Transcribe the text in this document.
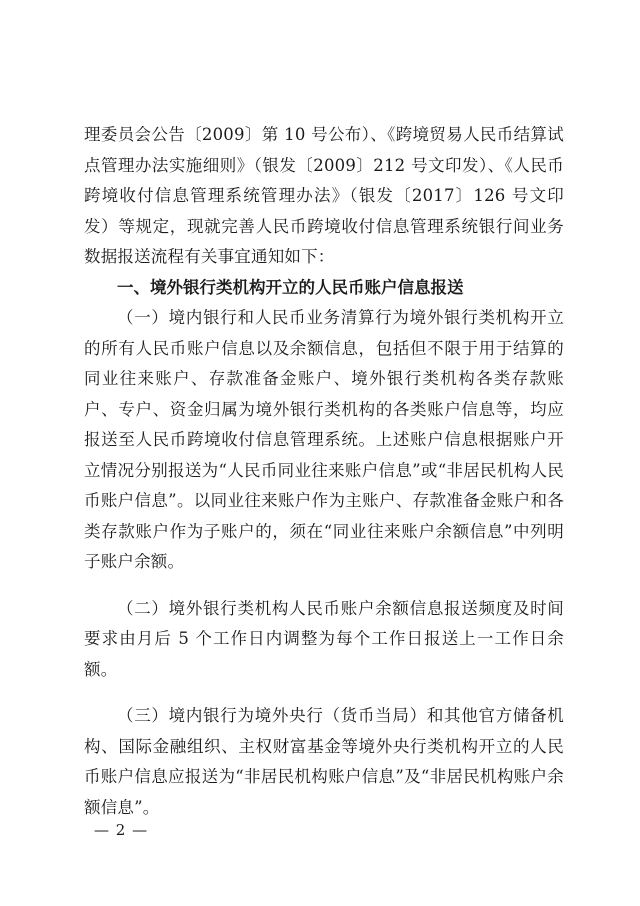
理委员会公告〔2009〕第 10 号公布）、《跨境贸易人民币结算试点管理办法实施细则》（银发〔2009〕212 号文印发）、《人民币跨境收付信息管理系统管理办法》（银发〔2017〕126 号文印发）等规定，现就完善人民币跨境收付信息管理系统银行间业务数据报送流程有关事宜通知如下：

一、境外银行类机构开立的人民币账户信息报送

（一）境内银行和人民币业务清算行为境外银行类机构开立的所有人民币账户信息以及余额信息，包括但不限于用于结算的同业往来账户、存款准备金账户、境外银行类机构各类存款账户、专户、资金归属为境外银行类机构的各类账户信息等，均应报送至人民币跨境收付信息管理系统。上述账户信息根据账户开立情况分别报送为“人民币同业往来账户信息”或“非居民机构人民币账户信息”。以同业往来账户作为主账户、存款准备金账户和各类存款账户作为子账户的，须在“同业往来账户余额信息”中列明子账户余额。

（二）境外银行类机构人民币账户余额信息报送频度及时间要求由月后 5 个工作日内调整为每个工作日报送上一工作日余额。

（三）境内银行为境外央行（货币当局）和其他官方储备机构、国际金融组织、主权财富基金等境外央行类机构开立的人民币账户信息应报送为“非居民机构账户信息”及“非居民机构账户余额信息”。

— 2 —
